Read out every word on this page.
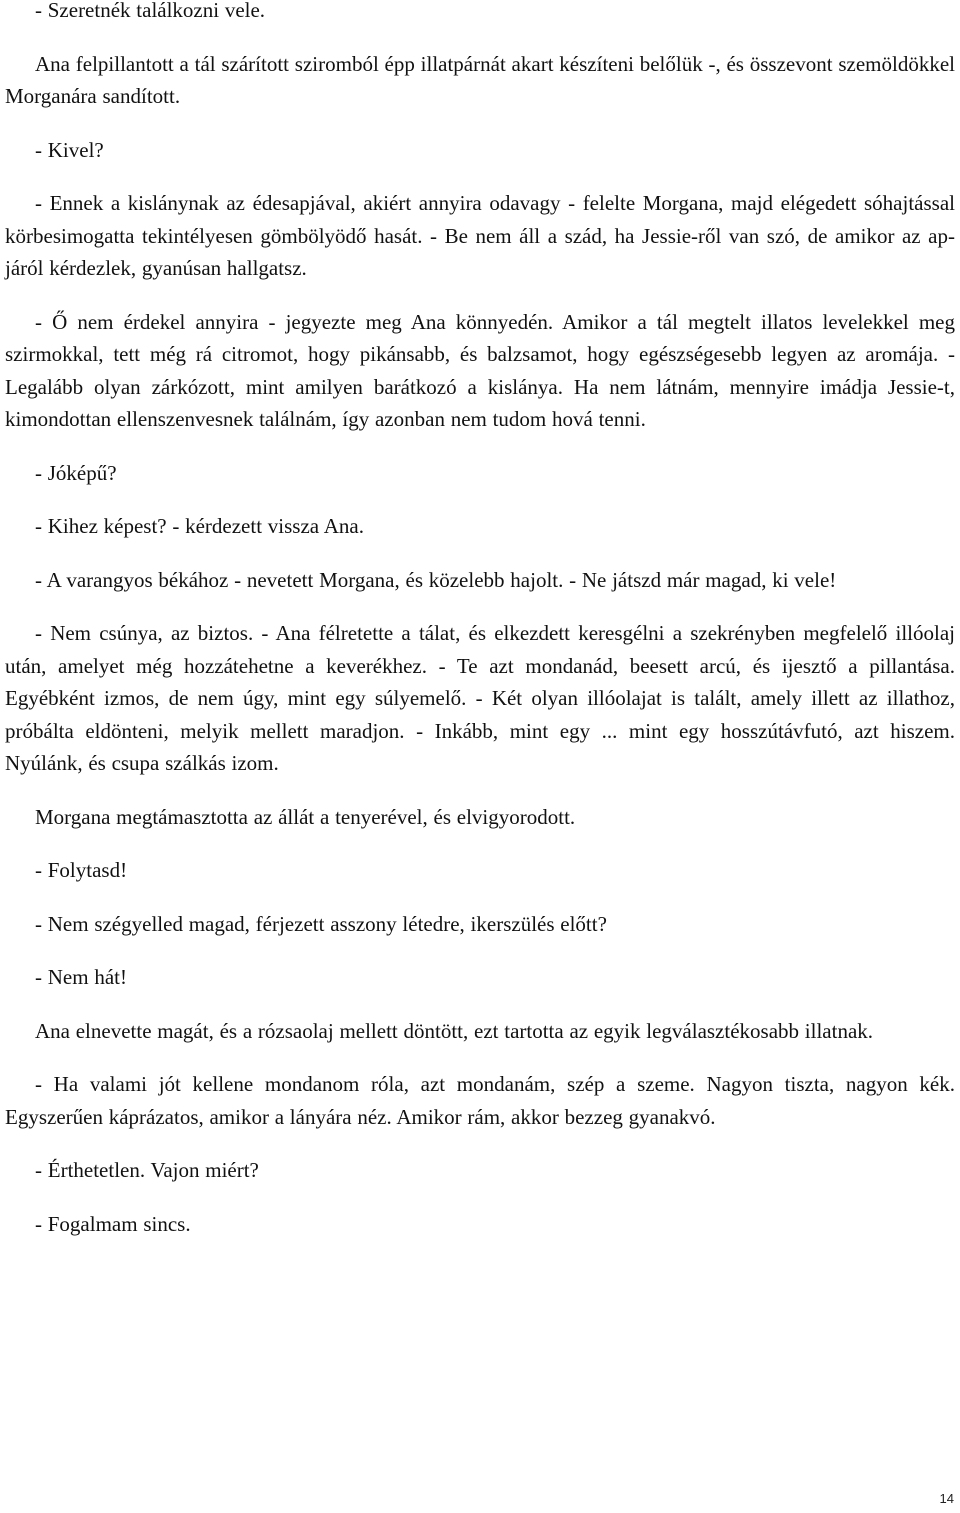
- Szeretnék találkozni vele.

Ana felpillantott a tál szárított sziromból épp illatpárnát akart készíteni belőlük -, és összevont szemöldökkel Morganára sandított.

- Kivel?

- Ennek a kislánynak az édesapjával, akiért annyira odavagy - felelte Morgana, majd elégedett sóhajtással körbesimogatta tekintélyesen gömbölyödő hasát. - Be nem áll a szád, ha Jessie-ről van szó, de amikor az ap-járól kérdezlek, gyanúsan hallgatsz.

- Ő nem érdekel annyira - jegyezte meg Ana könnyedén. Amikor a tál megtelt illatos levelekkel meg szirmokkal, tett még rá citromot, hogy pikánsabb, és balzsamot, hogy egészségesebb legyen az aromája. - Legalább olyan zárkózott, mint amilyen barátkozó a kislánya. Ha nem látnám, mennyire imádja Jessie-t, kimondottan ellenszenvesnek találnám, így azonban nem tudom hová tenni.

- Jóképű?

- Kihez képest? - kérdezett vissza Ana.

- A varangyos békához - nevetett Morgana, és közelebb hajolt. - Ne játszd már magad, ki vele!

- Nem csúnya, az biztos. - Ana félretette a tálat, és elkezdett keresgélni a szekrényben megfelelő illóolaj után, amelyet még hozzátehetne a keverékhez. - Te azt mondanád, beesett arcú, és ijesztő a pillantása. Egyébként izmos, de nem úgy, mint egy súlyemelő. - Két olyan illóolajat is talált, amely illett az illathoz, próbálta eldönteni, melyik mellett maradjon. - Inkább, mint egy ... mint egy hosszútávfutó, azt hiszem. Nyúlánk, és csupa szálkás izom.

Morgana megtámasztotta az állát a tenyerével, és elvigyorodott.

- Folytasd!

- Nem szégyelled magad, férjezett asszony létedre, ikerszülés előtt?

- Nem hát!

Ana elnevette magát, és a rózsaolaj mellett döntött, ezt tartotta az egyik legválasztékosabb illatnak.

- Ha valami jót kellene mondanom róla, azt mondanám, szép a szeme. Nagyon tiszta, nagyon kék. Egyszerűen káprázatos, amikor a lányára néz. Amikor rám, akkor bezzeg gyanakvó.

- Érthetetlen. Vajon miért?

- Fogalmam sincs.

14
